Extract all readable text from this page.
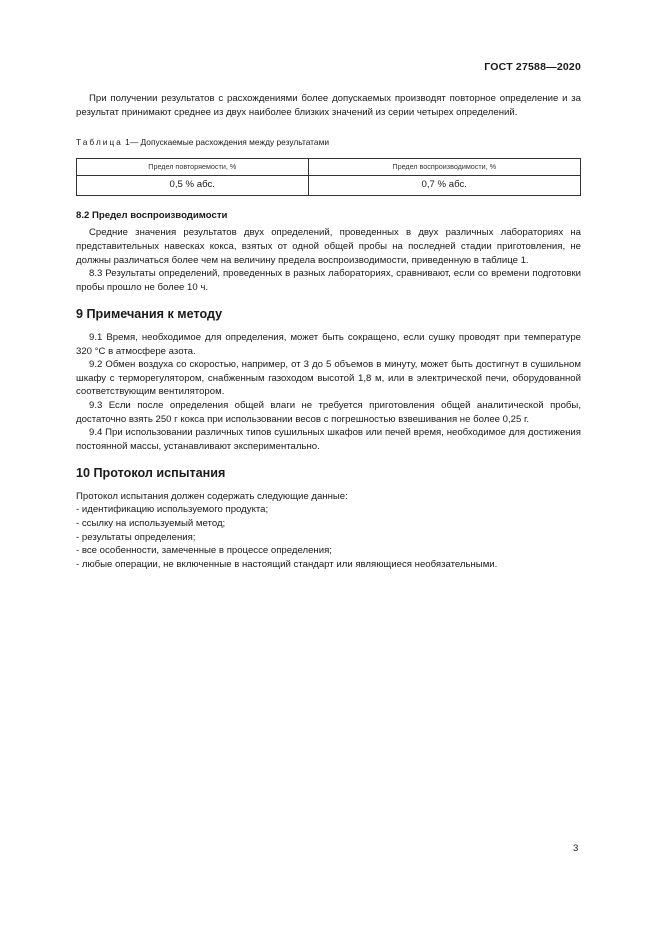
ГОСТ 27588—2020

При получении результатов с расхождениями более допускаемых производят повторное определение и за результат принимают среднее из двух наиболее близких значений из серии четырех определений.

Таблица 1— Допускаемые расхождения между результатами
Предел повторяемости, %	Предел воспроизводимости, %
0,5 % абс.	0,7 % абс.
8.2 Предел воспроизводимости

Средние значения результатов двух определений, проведенных в двух различных лабораториях на представительных навесках кокса, взятых от одной общей пробы на последней стадии приготовления, не должны различаться более чем на величину предела воспроизводимости, приведенную в таблице 1.

8.3 Результаты определений, проведенных в разных лабораториях, сравнивают, если со времени подготовки пробы прошло не более 10 ч.

9 Примечания к методу

9.1 Время, необходимое для определения, может быть сокращено, если сушку проводят при температуре 320 °С в атмосфере азота.

9.2 Обмен воздуха со скоростью, например, от 3 до 5 объемов в минуту, может быть достигнут в сушильном шкафу с терморегулятором, снабженным газоходом высотой 1,8 м, или в электрической печи, оборудованной соответствующим вентилятором.

9.3 Если после определения общей влаги не требуется приготовления общей аналитической пробы, достаточно взять 250 г кокса при использовании весов с погрешностью взвешивания не более 0,25 г.

9.4 При использовании различных типов сушильных шкафов или печей время, необходимое для достижения постоянной массы, устанавливают экспериментально.

10 Протокол испытания

Протокол испытания должен содержать следующие данные:

- идентификацию используемого продукта;
- ссылку на используемый метод;
- результаты определения;
- все особенности, замеченные в процессе определения;
- любые операции, не включенные в настоящий стандарт или являющиеся необязательными.
3
